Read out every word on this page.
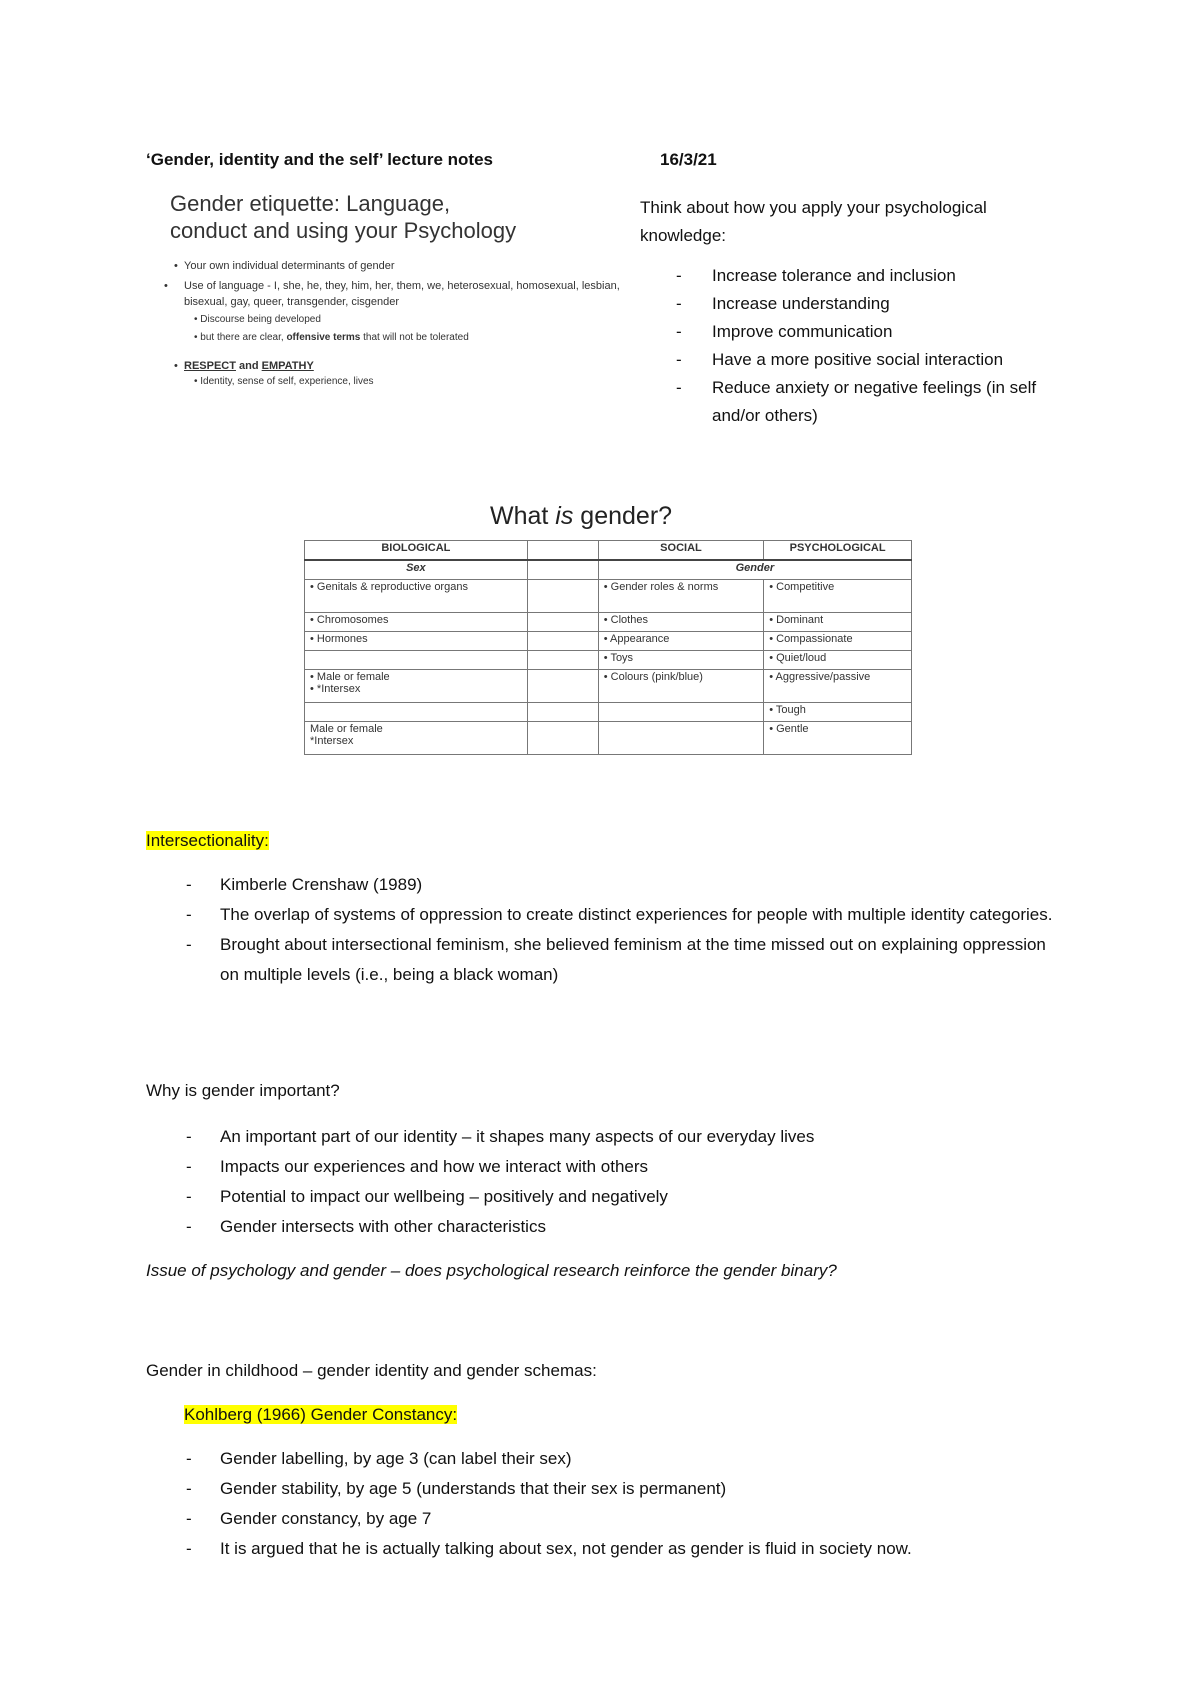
‘Gender, identity and the self’ lecture notes	16/3/21
Gender etiquette: Language,
conduct and using your Psychology
• Your own individual determinants of gender
• Use of language - I, she, he, they, him, her, them, we, heterosexual, homosexual, lesbian, bisexual, gay, queer, transgender, cisgender
• Discourse being developed
• but there are clear, offensive terms that will not be tolerated
• RESPECT and EMPATHY
• Identity, sense of self, experience, lives

Think about how you apply your psychological knowledge:

- Increase tolerance and inclusion
- Increase understanding
- Improve communication
- Have a more positive social interaction
- Reduce anxiety or negative feelings (in self and/or others)
What is gender?
BIOLOGICAL		SOCIAL	PSYCHOLOGICAL
Sex		Gender	
• Genitals & reproductive organs		• Gender roles & norms	• Competitive
• Chromosomes		• Clothes	• Dominant
• Hormones		• Appearance	• Compassionate
		• Toys	• Quiet/loud
• Male or female
• *Intersex		• Colours (pink/blue)	• Aggressive/passive
			• Tough
Male or female
*Intersex			• Gentle
Intersectionality:
- Kimberle Crenshaw (1989)
- The overlap of systems of oppression to create distinct experiences for people with multiple identity categories.
- Brought about intersectional feminism, she believed feminism at the time missed out on explaining oppression on multiple levels (i.e., being a black woman)
Why is gender important?
- An important part of our identity – it shapes many aspects of our everyday lives
- Impacts our experiences and how we interact with others
- Potential to impact our wellbeing – positively and negatively
- Gender intersects with other characteristics
Issue of psychology and gender – does psychological research reinforce the gender binary?
Gender in childhood – gender identity and gender schemas:
Kohlberg (1966) Gender Constancy:
- Gender labelling, by age 3 (can label their sex)
- Gender stability, by age 5 (understands that their sex is permanent)
- Gender constancy, by age 7
- It is argued that he is actually talking about sex, not gender as gender is fluid in society now.
